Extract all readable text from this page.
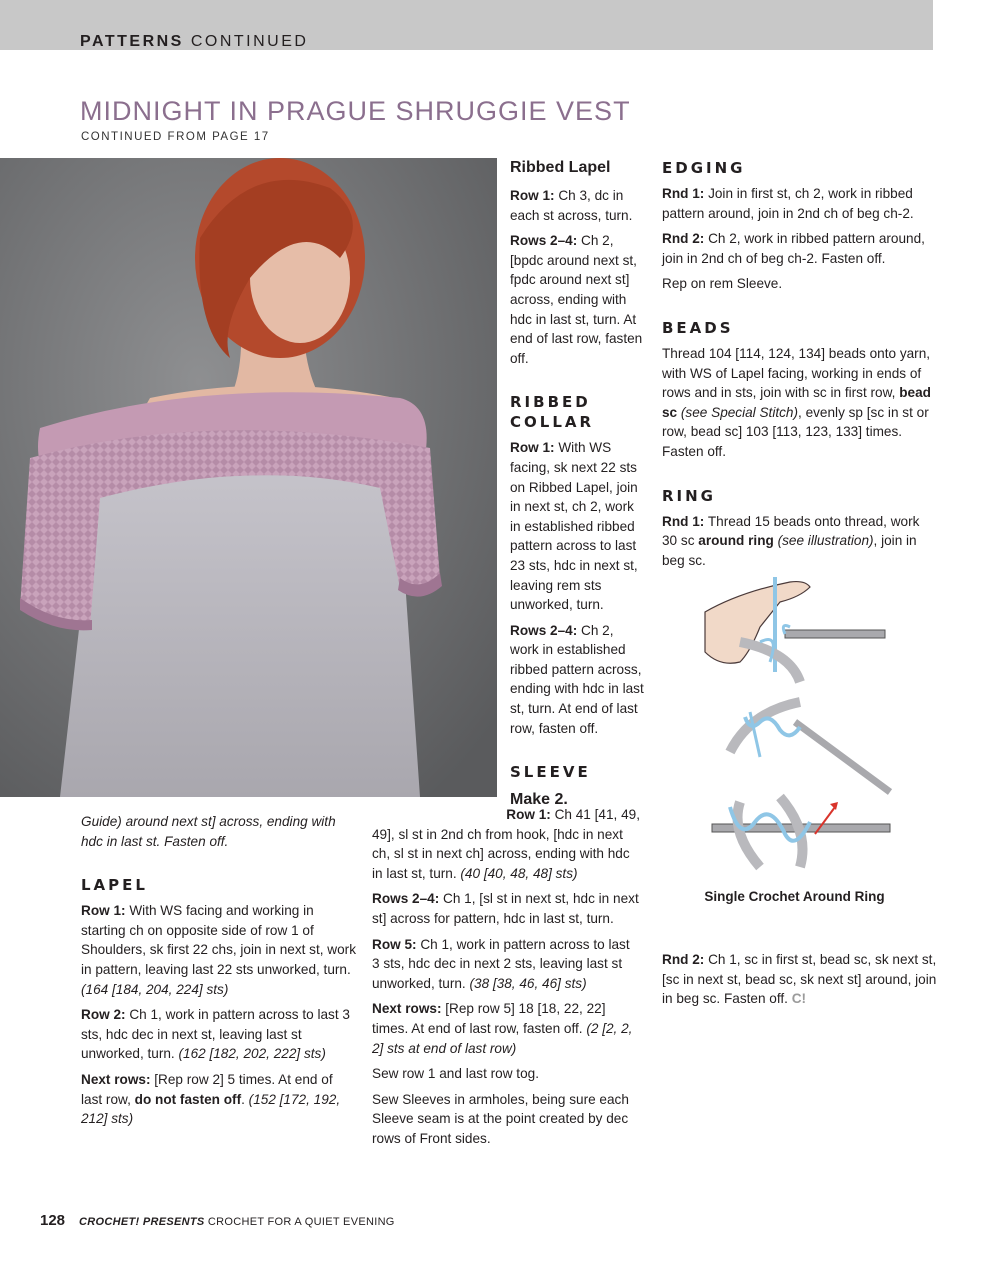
PATTERNS CONTINUED
MIDNIGHT IN PRAGUE SHRUGGIE VEST
CONTINUED FROM PAGE 17

Guide) around next st] across, ending with hdc in last st. Fasten off.

LAPEL

Row 1: With WS facing and working in starting ch on opposite side of row 1 of Shoulders, sk first 22 chs, join in next st, work in pattern, leaving last 22 sts unworked, turn. (164 [184, 204, 224] sts)

Row 2: Ch 1, work in pattern across to last 3 sts, hdc dec in next st, leaving last st unworked, turn. (162 [182, 202, 222] sts)

Next rows: [Rep row 2] 5 times. At end of last row, do not fasten off. (152 [172, 192, 212] sts)

Ribbed Lapel

Row 1: Ch 3, dc in each st across, turn.

Rows 2–4: Ch 2, [bpdc around next st, fpdc around next st] across, ending with hdc in last st, turn. At end of last row, fasten off.

RIBBED
COLLAR

Row 1: With WS facing, sk next 22 sts on Ribbed Lapel, join in next st, ch 2, work in established ribbed pattern across to last 23 sts, hdc in next st, leaving rem sts unworked, turn.

Rows 2–4: Ch 2, work in established ribbed pattern across, ending with hdc in last st, turn. At end of last row, fasten off.

SLEEVE
Make 2.

Row 1: Ch 41 [41, 49,
49], sl st in 2nd ch from hook, [hdc in next ch, sl st in next ch] across, ending with hdc in last st, turn. (40 [40, 48, 48] sts)

Rows 2–4: Ch 1, [sl st in next st, hdc in next st] across for pattern, hdc in last st, turn.

Row 5: Ch 1, work in pattern across to last 3 sts, hdc dec in next 2 sts, leaving last st unworked, turn. (38 [38, 46, 46] sts)

Next rows: [Rep row 5] 18 [18, 22, 22] times. At end of last row, fasten off. (2 [2, 2, 2] sts at end of last row)

Sew row 1 and last row tog.

Sew Sleeves in armholes, being sure each Sleeve seam is at the point created by dec rows of Front sides.

EDGING

Rnd 1: Join in first st, ch 2, work in ribbed pattern around, join in 2nd ch of beg ch-2.

Rnd 2: Ch 2, work in ribbed pattern around, join in 2nd ch of beg ch-2. Fasten off.

Rep on rem Sleeve.

BEADS

Thread 104 [114, 124, 134] beads onto yarn, with WS of Lapel facing, working in ends of rows and in sts, join with sc in first row, bead sc (see Special Stitch), evenly sp [sc in st or row, bead sc] 103 [113, 123, 133] times. Fasten off.

RING

Rnd 1: Thread 15 beads onto thread, work 30 sc around ring (see illustration), join in beg sc.

Single Crochet Around Ring

Rnd 2: Ch 1, sc in first st, bead sc, sk next st, [sc in next st, bead sc, sk next st] around, join in beg sc. Fasten off. C!

128 CROCHET! PRESENTS CROCHET FOR A QUIET EVENING
